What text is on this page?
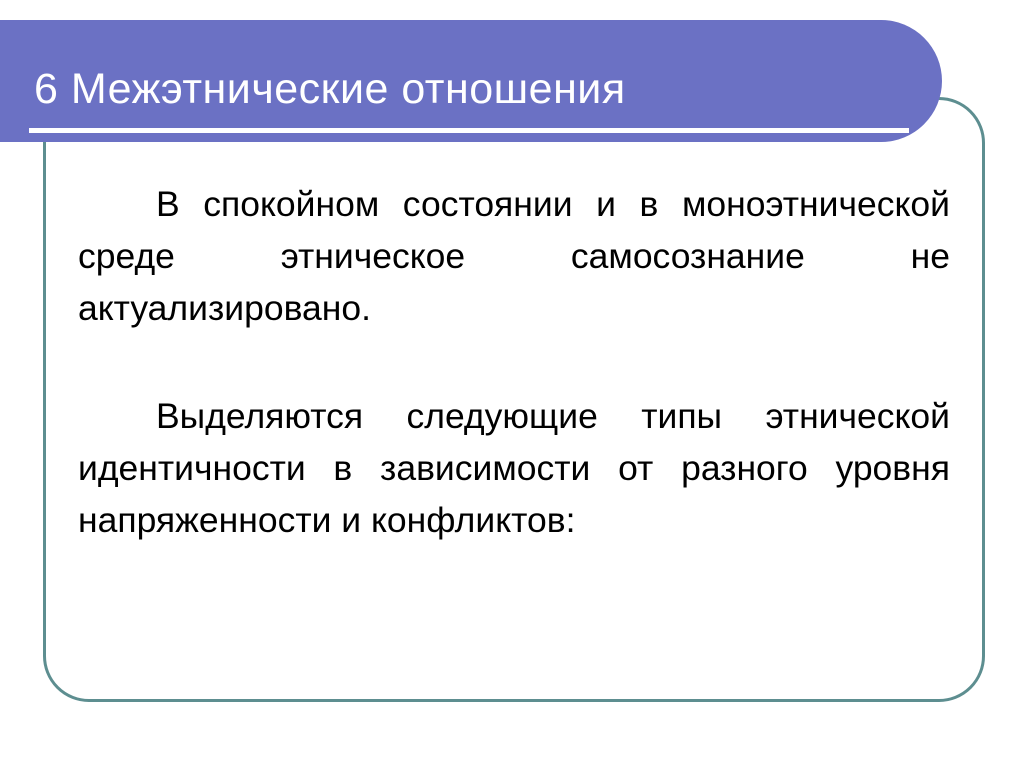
6 Межэтнические отношения

В спокойном состоянии и в моноэтнической среде этническое самосознание не актуализировано.

Выделяются следующие типы этнической идентичности в зависимости от разного уровня напряженности и конфликтов:
